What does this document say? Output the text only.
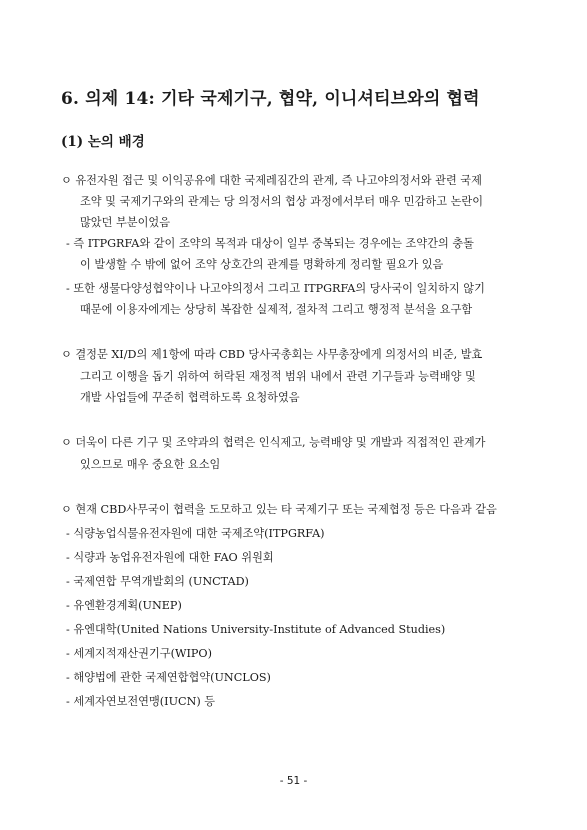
6. 의제 14: 기타 국제기구, 협약, 이니셔티브와의 협력
(1) 논의 배경
ㅇ 유전자원 접근 및 이익공유에 대한 국제레짐간의 관계, 즉 나고야의정서와 관련 국제
조약 및 국제기구와의 관계는 당 의정서의 협상 과정에서부터 매우 민감하고 논란이
많았던 부분이었음
- 즉 ITPGRFA와 같이 조약의 목적과 대상이 일부 중복되는 경우에는 조약간의 충돌
이 발생할 수 밖에 없어 조약 상호간의 관계를 명확하게 정리할 필요가 있음
- 또한 생물다양성협약이나 나고야의정서 그리고 ITPGRFA의 당사국이 일치하지 않기
때문에 이용자에게는 상당히 복잡한 실제적, 절차적 그리고 행정적 분석을 요구함
ㅇ 결정문 XI/D의 제1항에 따라 CBD 당사국총회는 사무총장에게 의정서의 비준, 발효
그리고 이행을 돕기 위하여 허락된 재정적 범위 내에서 관련 기구들과 능력배양 및
개발 사업들에 꾸준히 협력하도록 요청하였음
ㅇ 더욱이 다른 기구 및 조약과의 협력은 인식제고, 능력배양 및 개발과 직접적인 관계가
있으므로 매우 중요한 요소임
ㅇ 현재 CBD사무국이 협력을 도모하고 있는 타 국제기구 또는 국제협정 등은 다음과 같음
- 식량농업식물유전자원에 대한 국제조약(ITPGRFA)
- 식량과 농업유전자원에 대한 FAO 위원회
- 국제연합 무역개발회의 (UNCTAD)
- 유엔환경계획(UNEP)
- 유엔대학(United Nations University-Institute of Advanced Studies)
- 세계지적재산권기구(WIPO)
- 해양법에 관한 국제연합협약(UNCLOS)
- 세계자연보전연맹(IUCN) 등
- 51 -
